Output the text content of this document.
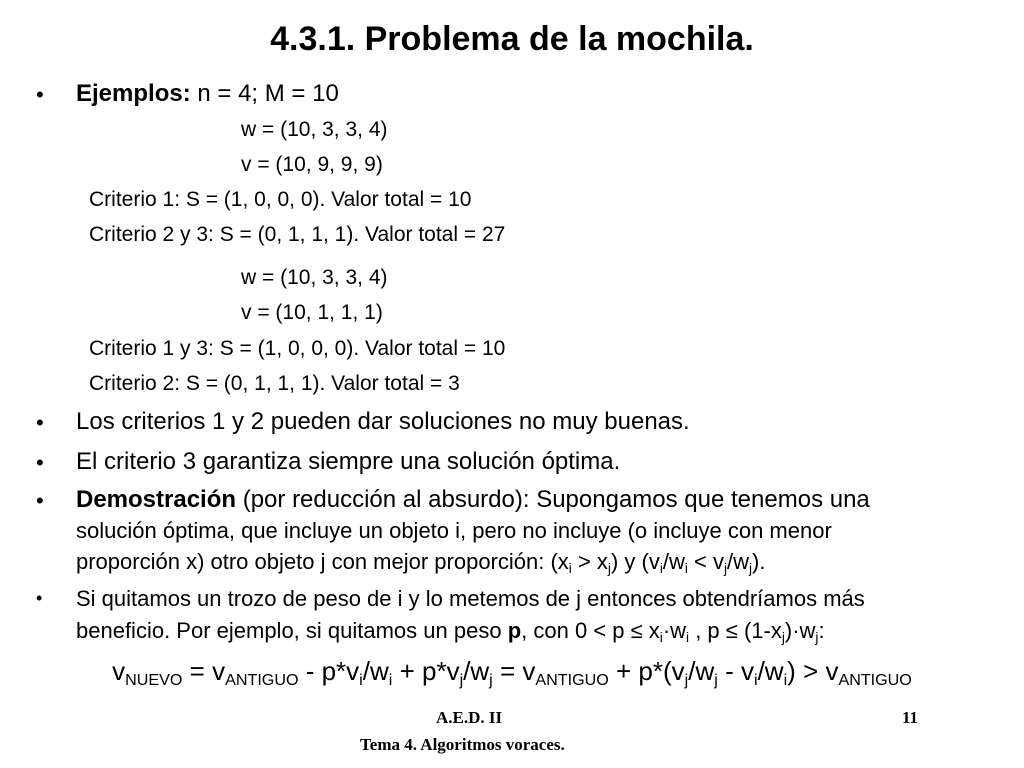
4.3.1. Problema de la mochila.
• Ejemplos: n = 4; M = 10
w = (10, 3, 3, 4)
v = (10, 9, 9, 9)
Criterio 1: S = (1, 0, 0, 0). Valor total = 10
Criterio 2 y 3: S = (0, 1, 1, 1). Valor total = 27
w = (10, 3, 3, 4)
v = (10, 1, 1, 1)
Criterio 1 y 3: S = (1, 0, 0, 0). Valor total = 10
Criterio 2: S = (0, 1, 1, 1). Valor total = 3
• Los criterios 1 y 2 pueden dar soluciones no muy buenas.
• El criterio 3 garantiza siempre una solución óptima.
• Demostración (por reducción al absurdo): Supongamos que tenemos una
solución óptima, que incluye un objeto i, pero no incluye (o incluye con menor
proporción x) otro objeto j con mejor proporción: $(x_i > x_j)$ y $(v_i/w_i < v_j/w_j)$.
• Si quitamos un trozo de peso de i y lo metemos de j entonces obtendríamos más
beneficio. Por ejemplo, si quitamos un peso p, con $0 < p \le x_i\cdot w_i$ , $p \le (1-x_j)\cdot w_j$:
$v_{NUEVO} = v_{ANTIGUO} - p*v_i/w_i + p*v_j/w_j = v_{ANTIGUO} + p*(v_j/w_j - v_i/w_i) > v_{ANTIGUO}$
A.E.D. II	11
Tema 4. Algoritmos voraces.
